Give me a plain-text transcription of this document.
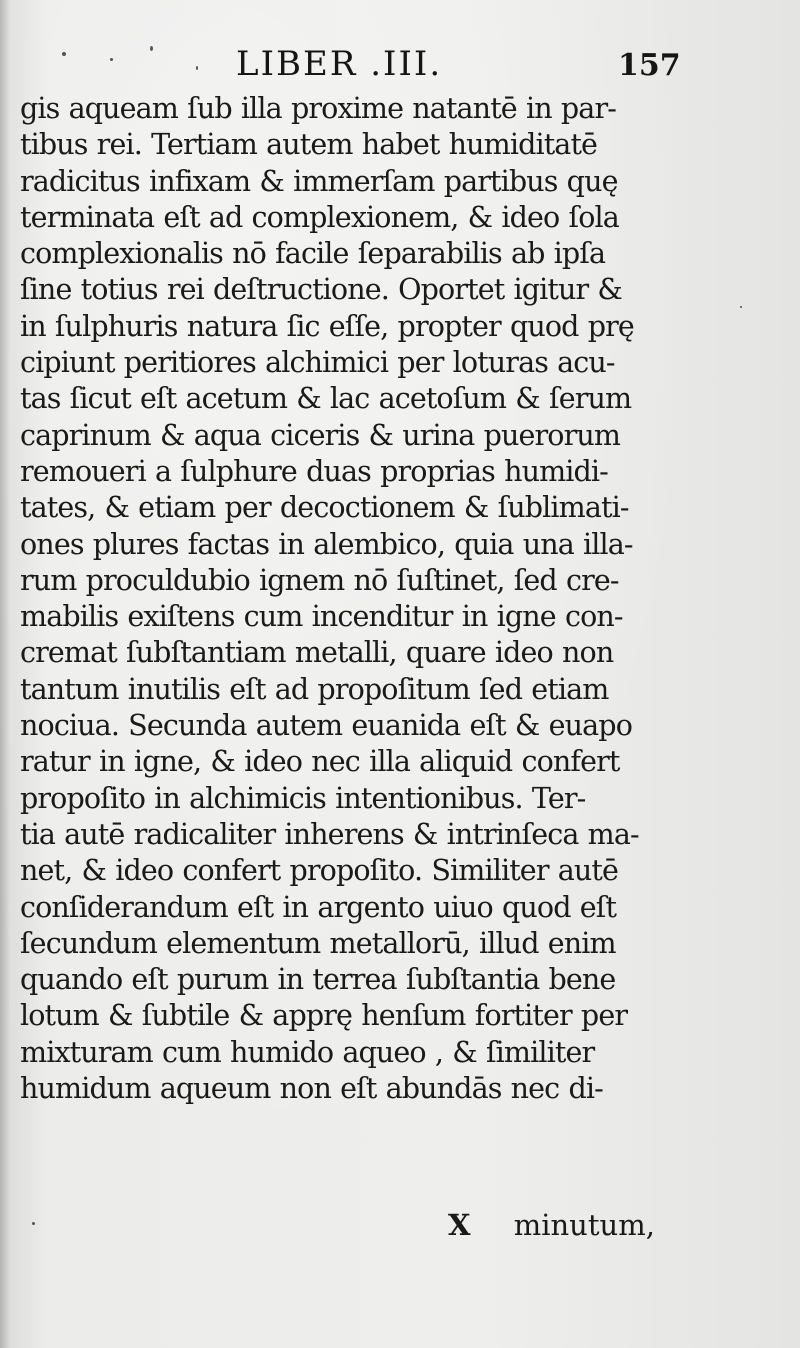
LIBER .III.	157
gis aqueam ſub illa proxime natantē in par-
tibus rei. Tertiam autem habet humiditatē
radicitus infixam & immerſam partibus quę
terminata eſt ad complexionem, & ideo ſola
complexionalis nō facile ſeparabilis ab ipſa
ſine totius rei deſtructione. Oportet igitur &
in ſulphuris natura ſic eſſe, propter quod prę
cipiunt peritiores alchimici per loturas acu-
tas ſicut eſt acetum & lac acetoſum & ſerum
caprinum & aqua ciceris & urina puerorum
remoueri a ſulphure duas proprias humidi-
tates, & etiam per decoctionem & ſublimati-
ones plures factas in alembico, quia una illa-
rum proculdubio ignem nō ſuſtinet, ſed cre-
mabilis exiſtens cum incenditur in igne con-
cremat ſubſtantiam metalli, quare ideo non
tantum inutilis eſt ad propoſitum ſed etiam
nociua. Secunda autem euanida eſt & euapo
ratur in igne, & ideo nec illa aliquid confert
propoſito in alchimicis intentionibus. Ter-
tia autē radicaliter inherens & intrinſeca ma-
net, & ideo confert propoſito. Similiter autē
conſiderandum eſt in argento uiuo quod eſt
ſecundum elementum metallorū, illud enim
quando eſt purum in terrea ſubſtantia bene
lotum & ſubtile & apprę henſum fortiter per
mixturam cum humido aqueo , & ſimiliter
humidum aqueum non eſt abundās nec di-
X minutum,
